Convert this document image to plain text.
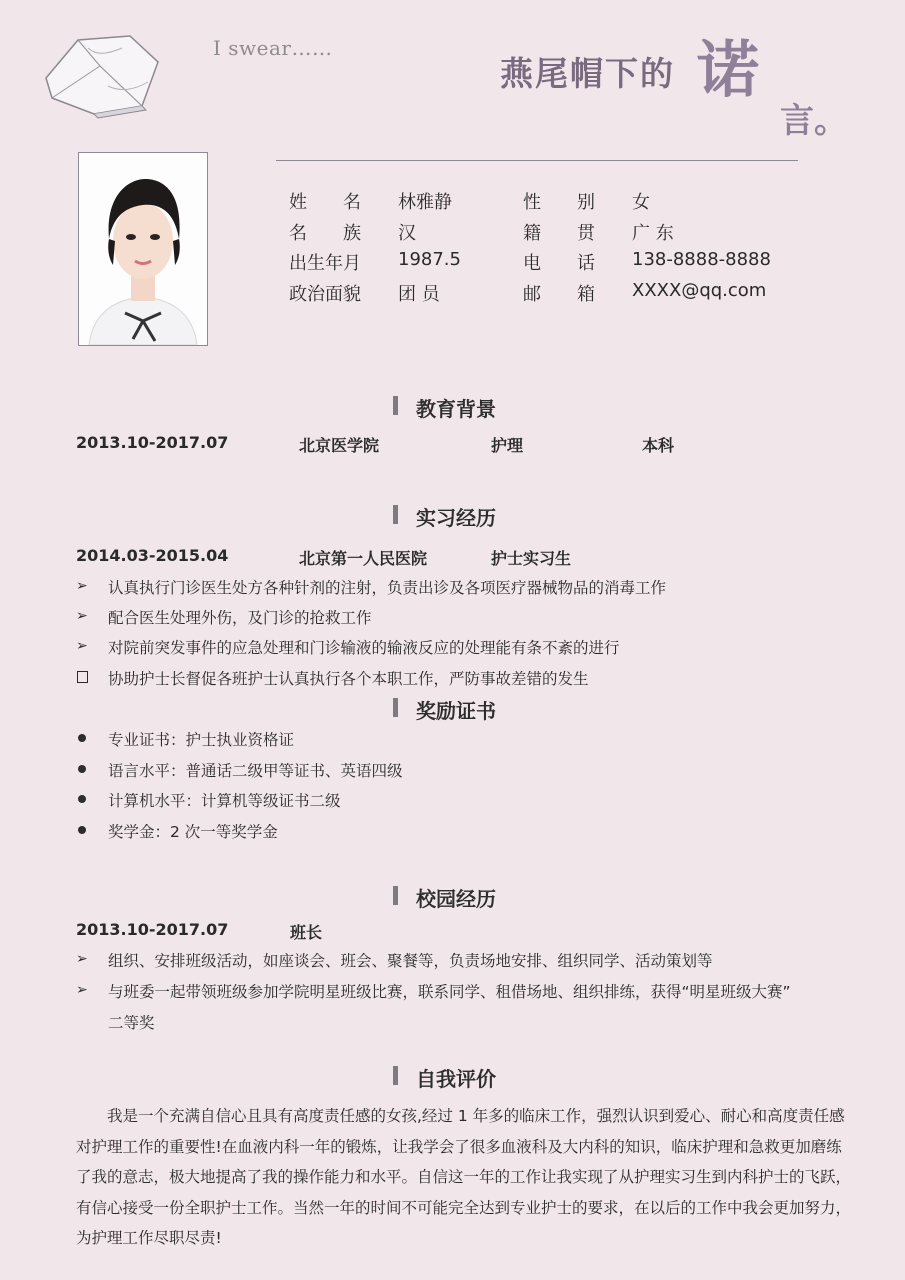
I swear……
燕尾帽下的 诺
言。
姓　　名 林雅静	性　　别 女
名　　族 汉	籍　　贯 广 东
出生年月 1987.5	电　　话 138-8888-8888
政治面貌 团 员	邮　　箱 XXXX@qq.com
教育背景
2013.10-2017.07	北京医学院	护理	本科
实习经历
2014.03-2015.04	北京第一人民医院	护士实习生
➢ 认真执行门诊医生处方各种针剂的注射，负责出诊及各项医疗器械物品的消毒工作
➢ 配合医生处理外伤，及门诊的抢救工作
➢ 对院前突发事件的应急处理和门诊输液的输液反应的处理能有条不紊的进行
协助护士长督促各班护士认真执行各个本职工作，严防事故差错的发生
奖励证书
专业证书：护士执业资格证
语言水平：普通话二级甲等证书、英语四级
计算机水平：计算机等级证书二级
奖学金：2 次一等奖学金
校园经历
2013.10-2017.07	班长
➢ 组织、安排班级活动，如座谈会、班会、聚餐等，负责场地安排、组织同学、活动策划等
➢ 与班委一起带领班级参加学院明星班级比赛，联系同学、租借场地、组织排练，获得“明星班级大赛”
二等奖
自我评价
我是一个充满自信心且具有高度责任感的女孩,经过 1 年多的临床工作，强烈认识到爱心、耐心和高度责任感对护理工作的重要性!在血液内科一年的锻炼，让我学会了很多血液科及大内科的知识，临床护理和急救更加磨练了我的意志，极大地提高了我的操作能力和水平。自信这一年的工作让我实现了从护理实习生到内科护士的飞跃，有信心接受一份全职护士工作。当然一年的时间不可能完全达到专业护士的要求，在以后的工作中我会更加努力，为护理工作尽职尽责!
